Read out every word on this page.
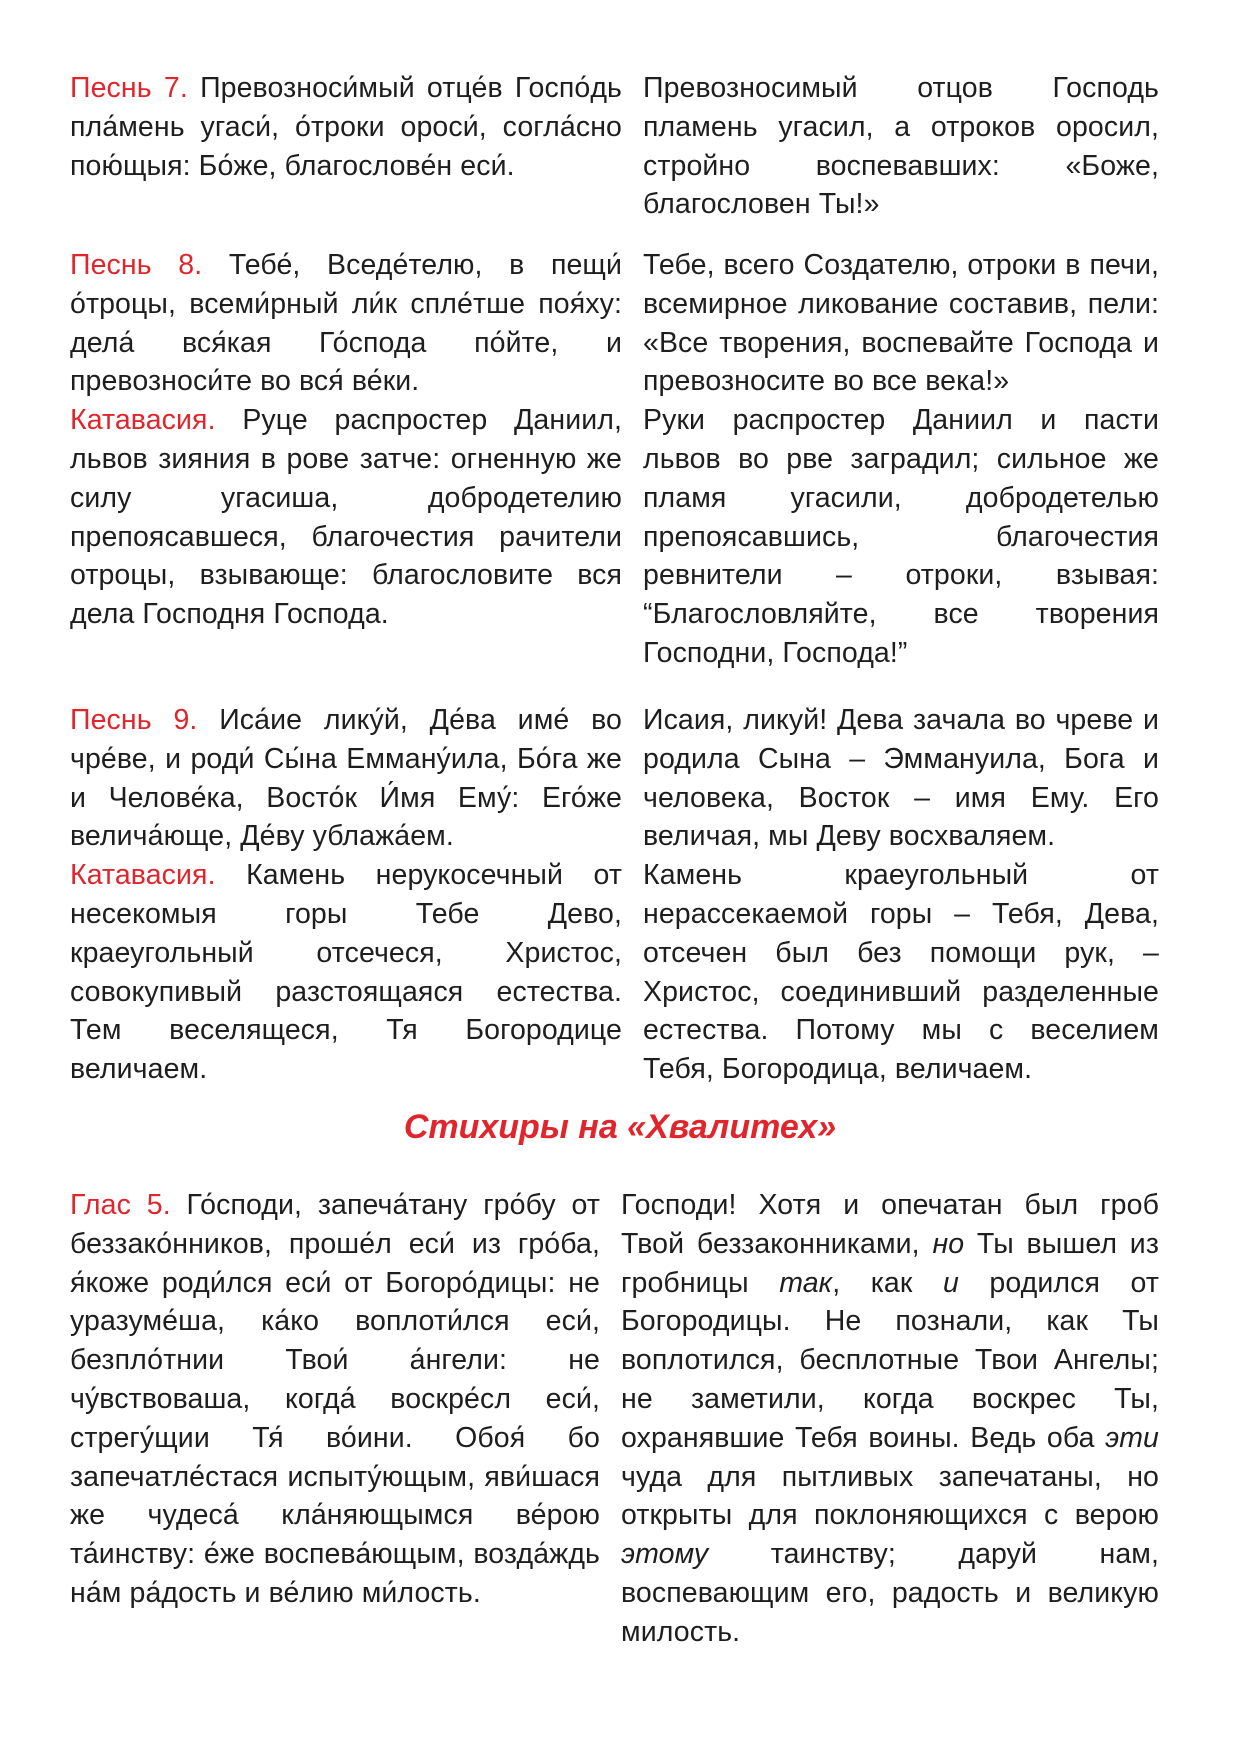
Песнь 7. Превозноси́мый отце́в Госпо́дь пла́мень угаси́, о́троки ороси́, согла́сно пою́щыя: Бо́же, благослове́н еси́.

Превозносимый отцов Господь пламень угасил, а отроков оросил, стройно воспевавших: «Боже, благословен Ты!»

Песнь 8. Тебе́, Вседе́телю, в пещи́ о́троцы, всеми́рный ли́к спле́тше пoя́ху: дела́ вся́кая Го́спода по́йте, и превозноси́те во вся́ ве́ки.

Катавасия. Руце распростер Даниил, львов зияния в рове затче: огненную же силу угасиша, добродетелию препоясавшеся, благочестия рачители отроцы, взывающе: благословите вся дела Господня Господа.

Тебе, всего Создателю, отроки в печи, всемирное ликование составив, пели: «Все творения, воспевайте Господа и превозносите во все века!»

Руки распростер Даниил и пасти львов во рве заградил; сильное же пламя угасили, добродетелью препоясавшись, благочестия ревнители – отроки, взывая: “Благословляйте, все творения Господни, Господа!”

Песнь 9. Иса́ие лику́й, Де́ва име́ во чре́ве, и роди́ Сы́на Емману́ила, Бо́га же и Челове́ка, Восто́к И́мя Ему́: Его́же велича́юще, Де́ву ублажа́ем.

Катавасия. Камень нерукосечный от несекомыя горы Тебе Дево, краеугольный отсечеся, Христос, совокупивый разстоящаяся естества. Тем веселящеся, Тя Богородице величаем.

Исаия, ликуй! Дева зачала во чреве и родила Сына – Эммануила, Бога и человека, Восток – имя Ему. Его величая, мы Деву восхваляем.

Камень краеугольный от нерассекаемой горы – Тебя, Дева, отсечен был без помощи рук, – Христос, соединивший разделенные естества. Потому мы с веселием Тебя, Богородица, величаем.

Стихиры на «Хвалитех»

Глас 5. Го́споди, запеча́тану гро́бу от беззако́нников, проше́л еси́ из гро́ба, я́коже роди́лся еси́ от Богоро́дицы: не уразуме́ша, ка́ко воплоти́лся еси́, безпло́тнии Твои́ а́нгели: не чу́вствоваша, когда́ воскре́сл еси́, стрегу́щии Тя́ во́ини. Обоя́ бо запечатле́стася испыту́ющым, яви́шася же чудеса́ кла́няющымся ве́рою та́инству: е́же воспева́ющым, возда́ждь на́м ра́дость и ве́лию ми́лость.

Господи! Хотя и опечатан был гроб Твой беззаконниками, но Ты вышел из гробницы так, как и родился от Богородицы. Не познали, как Ты воплотился, бесплотные Твои Ангелы; не заметили, когда воскрес Ты, охранявшие Тебя воины. Ведь оба эти чуда для пытливых запечатаны, но открыты для поклоняющихся с верою этому таинству; даруй нам, воспевающим его, радость и великую милость.
